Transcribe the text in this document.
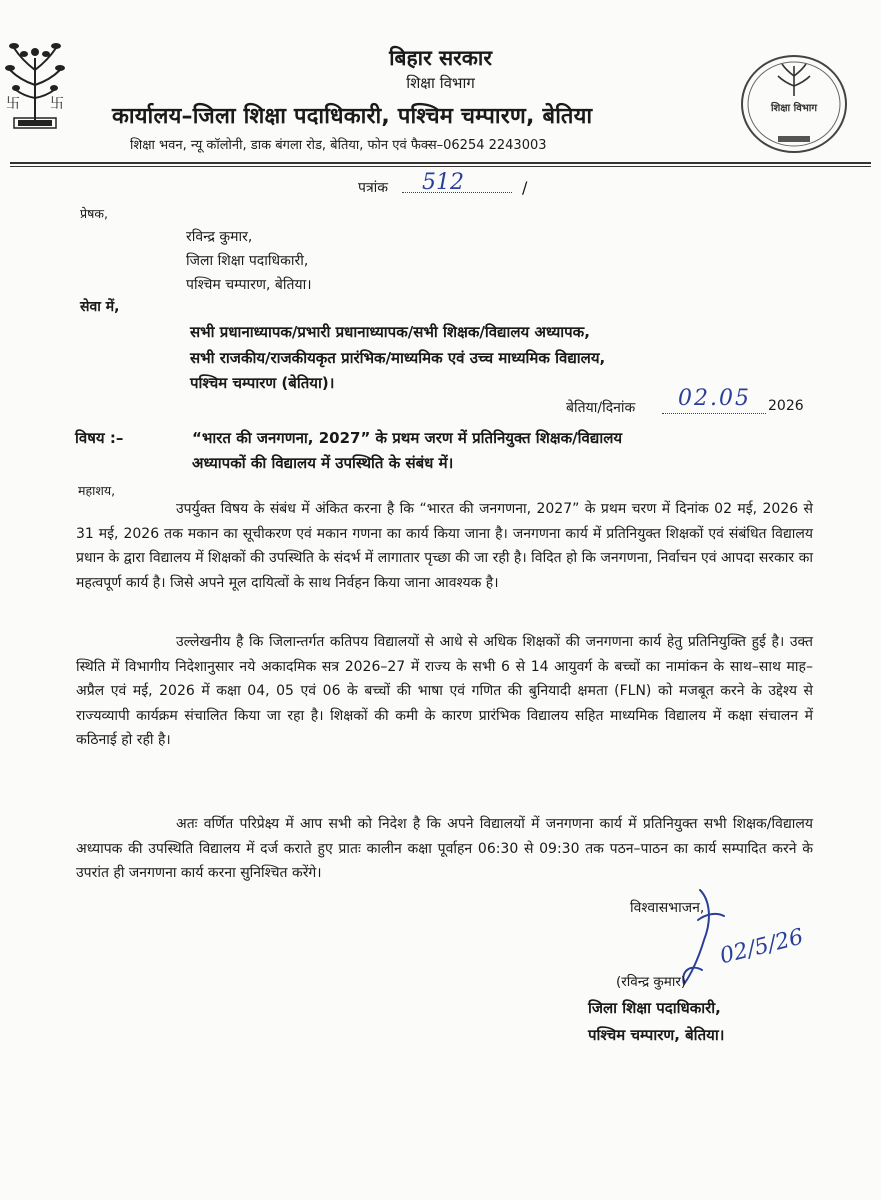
卐 卐	शिक्षा विभाग
बिहार सरकार
शिक्षा विभाग
कार्यालय–जिला शिक्षा पदाधिकारी, पश्चिम चम्पारण, बेतिया
शिक्षा भवन, न्यू कॉलोनी, डाक बंगला रोड, बेतिया, फोन एवं फैक्स–06254 2243003
पत्रांक 512	/
प्रेषक,
रविन्द्र कुमार,
जिला शिक्षा पदाधिकारी,
पश्चिम चम्पारण, बेतिया।
सेवा में,
सभी प्रधानाध्यापक/प्रभारी प्रधानाध्यापक/सभी शिक्षक/विद्यालय अध्यापक,
सभी राजकीय/राजकीयकृत प्रारंभिक/माध्यमिक एवं उच्च माध्यमिक विद्यालय,
पश्चिम चम्पारण (बेतिया)।
बेतिया/दिनांक 02.05 2026
विषय :–	“भारत की जनगणना, 2027” के प्रथम जरण में प्रतिनियुक्त शिक्षक/विद्यालय
अध्यापकों की विद्यालय में उपस्थिति के संबंध में।
महाशय,

उपर्युक्त विषय के संबंध में अंकित करना है कि “भारत की जनगणना, 2027” के प्रथम चरण में दिनांक 02 मई, 2026 से 31 मई, 2026 तक मकान का सूचीकरण एवं मकान गणना का कार्य किया जाना है। जनगणना कार्य में प्रतिनियुक्त शिक्षकों एवं संबंधित विद्यालय प्रधान के द्वारा विद्यालय में शिक्षकों की उपस्थिति के संदर्भ में लागातार पृच्छा की जा रही है। विदित हो कि जनगणना, निर्वाचन एवं आपदा सरकार का महत्वपूर्ण कार्य है। जिसे अपने मूल दायित्वों के साथ निर्वहन किया जाना आवश्यक है।

उल्लेखनीय है कि जिलान्तर्गत कतिपय विद्यालयों से आधे से अधिक शिक्षकों की जनगणना कार्य हेतु प्रतिनियुक्ति हुई है। उक्त स्थिति में विभागीय निदेशानुसार नये अकादमिक सत्र 2026–27 में राज्य के सभी 6 से 14 आयुवर्ग के बच्चों का नामांकन के साथ–साथ माह–अप्रैल एवं मई, 2026 में कक्षा 04, 05 एवं 06 के बच्चों की भाषा एवं गणित की बुनियादी क्षमता (FLN) को मजबूत करने के उद्देश्य से राज्यव्यापी कार्यक्रम संचालित किया जा रहा है। शिक्षकों की कमी के कारण प्रारंभिक विद्यालय सहित माध्यमिक विद्यालय में कक्षा संचालन में कठिनाई हो रही है।

अतः वर्णित परिप्रेक्ष्य में आप सभी को निदेश है कि अपने विद्यालयों में जनगणना कार्य में प्रतिनियुक्त सभी शिक्षक/विद्यालय अध्यापक की उपस्थिति विद्यालय में दर्ज कराते हुए प्रातः कालीन कक्षा पूर्वाहन 06:30 से 09:30 तक पठन–पाठन का कार्य सम्पादित करने के उपरांत ही जनगणना कार्य करना सुनिश्चित करेंगे।

विश्वासभाजन,
02/5/26
(रविन्द्र कुमार)
जिला शिक्षा पदाधिकारी,
पश्चिम चम्पारण, बेतिया।
